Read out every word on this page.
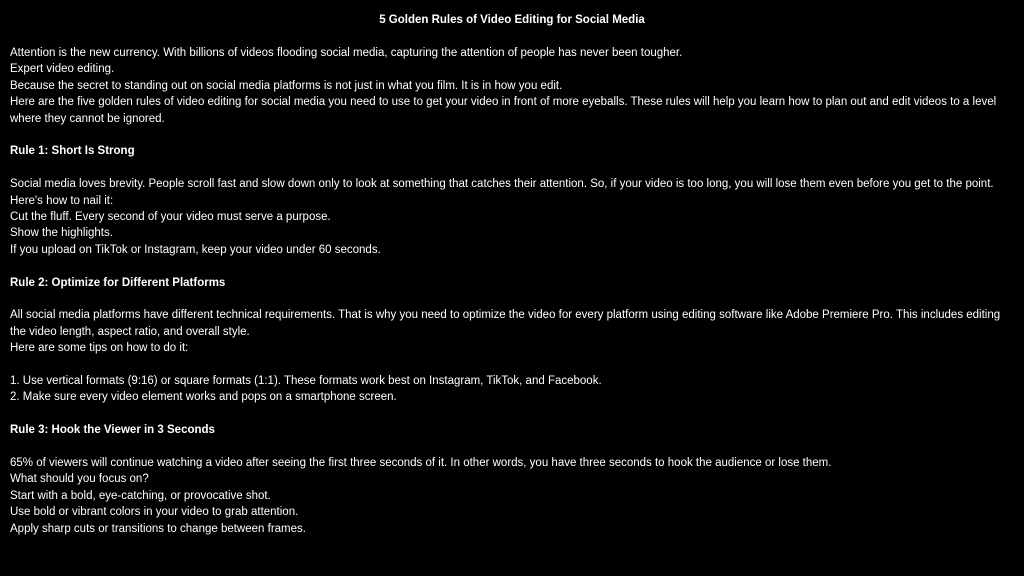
5 Golden Rules of Video Editing for Social Media
Attention is the new currency. With billions of videos flooding social media, capturing the attention of people has never been tougher.
Expert video editing.
Because the secret to standing out on social media platforms is not just in what you film. It is in how you edit.
Here are the five golden rules of video editing for social media you need to use to get your video in front of more eyeballs. These rules will help you learn how to plan out and edit videos to a level where they cannot be ignored.
Rule 1: Short Is Strong
Social media loves brevity. People scroll fast and slow down only to look at something that catches their attention. So, if your video is too long, you will lose them even before you get to the point.
Here's how to nail it:
Cut the fluff. Every second of your video must serve a purpose.
Show the highlights.
If you upload on TikTok or Instagram, keep your video under 60 seconds.
Rule 2: Optimize for Different Platforms
All social media platforms have different technical requirements. That is why you need to optimize the video for every platform using editing software like Adobe Premiere Pro. This includes editing the video length, aspect ratio, and overall style.
Here are some tips on how to do it:
1. Use vertical formats (9:16) or square formats (1:1). These formats work best on Instagram, TikTok, and Facebook.
2. Make sure every video element works and pops on a smartphone screen.
Rule 3: Hook the Viewer in 3 Seconds
65% of viewers will continue watching a video after seeing the first three seconds of it. In other words, you have three seconds to hook the audience or lose them.
What should you focus on?
Start with a bold, eye-catching, or provocative shot.
Use bold or vibrant colors in your video to grab attention.
Apply sharp cuts or transitions to change between frames.
